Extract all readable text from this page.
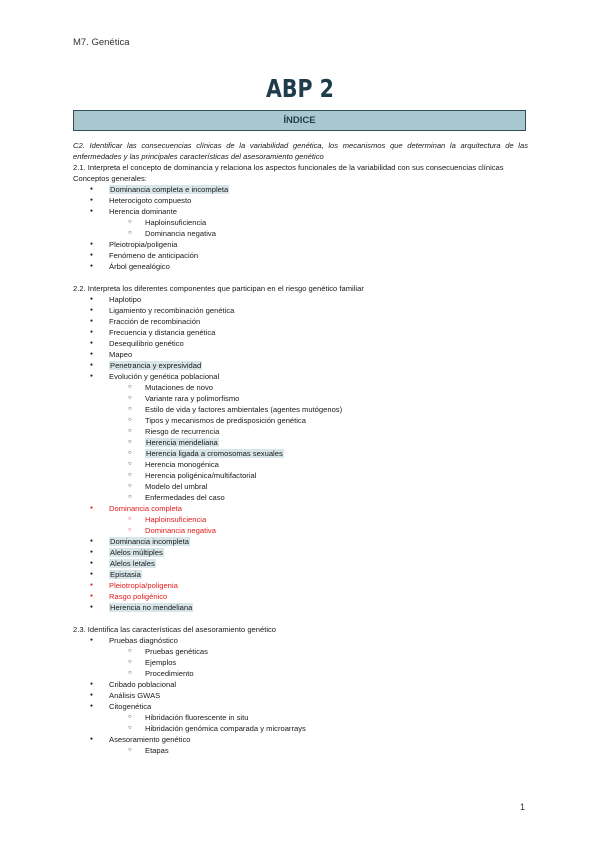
M7. Genética
ABP 2
ÍNDICE

C2. Identificar las consecuencias clínicas de la variabilidad genética, los mecanismos que determinan la arquitectura de las enfermedades y las principales características del asesoramiento genético

2.1. Interpreta el concepto de dominancia y relaciona los aspectos funcionales de la variabilidad con sus consecuencias clínicas

Conceptos generales:

● Dominancia completa e incompleta
● Heterocigoto compuesto
● Herencia dominante
○ Haploinsuficiencia
○ Dominancia negativa
● Pleiotropia/poligenia
● Fenómeno de anticipación
● Árbol genealógico

2.2. Interpreta los diferentes componentes que participan en el riesgo genético familiar

● Haplotipo
● Ligamiento y recombinación genética
● Fracción de recombinación
● Frecuencia y distancia genética
● Desequilibrio genético
● Mapeo
● Penetrancia y expresividad
● Evolución y genética poblacional
○ Mutaciones de novo
○ Variante rara y polimorfismo
○ Estilo de vida y factores ambientales (agentes mutógenos)
○ Tipos y mecanismos de predisposición genética
○ Riesgo de recurrencia
○ Herencia mendeliana
○ Herencia ligada a cromosomas sexuales
○ Herencia monogénica
○ Herencia poligénica/multifactorial
○ Modelo del umbral
○ Enfermedades del caso
● Dominancia completa
○ Haploinsuficiencia
○ Dominancia negativa
● Dominancia incompleta
● Alelos múltiples
● Alelos letales
● Epistasia
● Pleiotropía/poligenia
● Rasgo poligénico
● Herencia no mendeliana

2.3. Identifica las características del asesoramiento genético

● Pruebas diagnóstico
○ Pruebas genéticas
○ Ejemplos
○ Procedimiento
● Cribado poblacional
● Análisis GWAS
● Citogenética
○ Hibridación fluorescente in situ
○ Hibridación genómica comparada y microarrays
● Asesoramiento genético
○ Etapas
1
